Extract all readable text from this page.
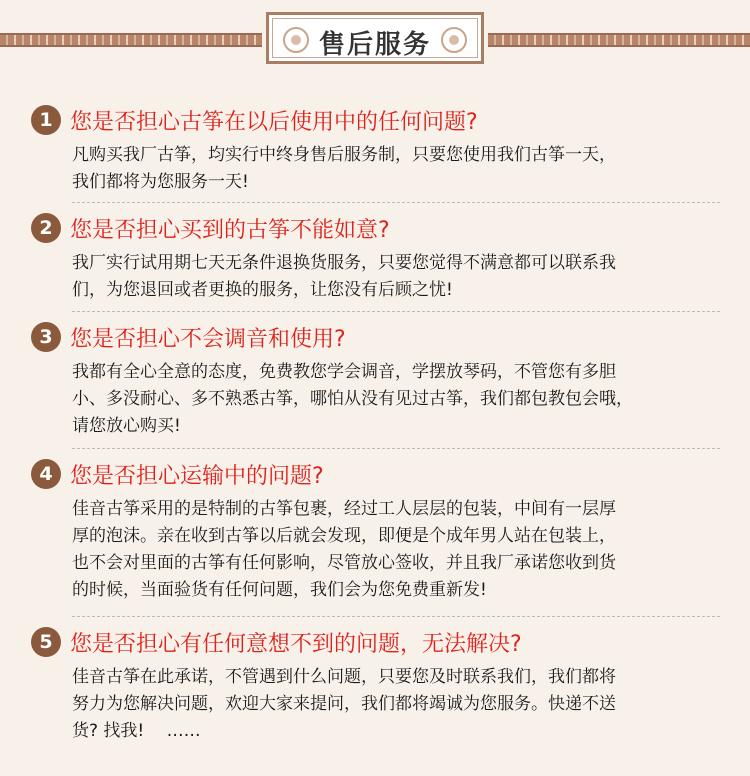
售后服务
1 您是否担心古筝在以后使用中的任何问题?
凡购买我厂古筝，均实行中终身售后服务制，只要您使用我们古筝一天，
我们都将为您服务一天!
2 您是否担心买到的古筝不能如意?
我厂实行试用期七天无条件退换货服务，只要您觉得不满意都可以联系我
们，为您退回或者更换的服务，让您没有后顾之忧!
3 您是否担心不会调音和使用?
我都有全心全意的态度，免费教您学会调音，学摆放琴码，不管您有多胆
小、多没耐心、多不熟悉古筝，哪怕从没有见过古筝，我们都包教包会哦，
请您放心购买!
4 您是否担心运输中的问题?
佳音古筝采用的是特制的古筝包裹，经过工人层层的包装，中间有一层厚
厚的泡沫。亲在收到古筝以后就会发现，即便是个成年男人站在包装上，
也不会对里面的古筝有任何影响，尽管放心签收，并且我厂承诺您收到货
的时候，当面验货有任何问题，我们会为您免费重新发!
5 您是否担心有任何意想不到的问题，无法解决?
佳音古筝在此承诺，不管遇到什么问题，只要您及时联系我们，我们都将
努力为您解决问题，欢迎大家来提问，我们都将竭诚为您服务。快递不送
货? 找我!　 ……
